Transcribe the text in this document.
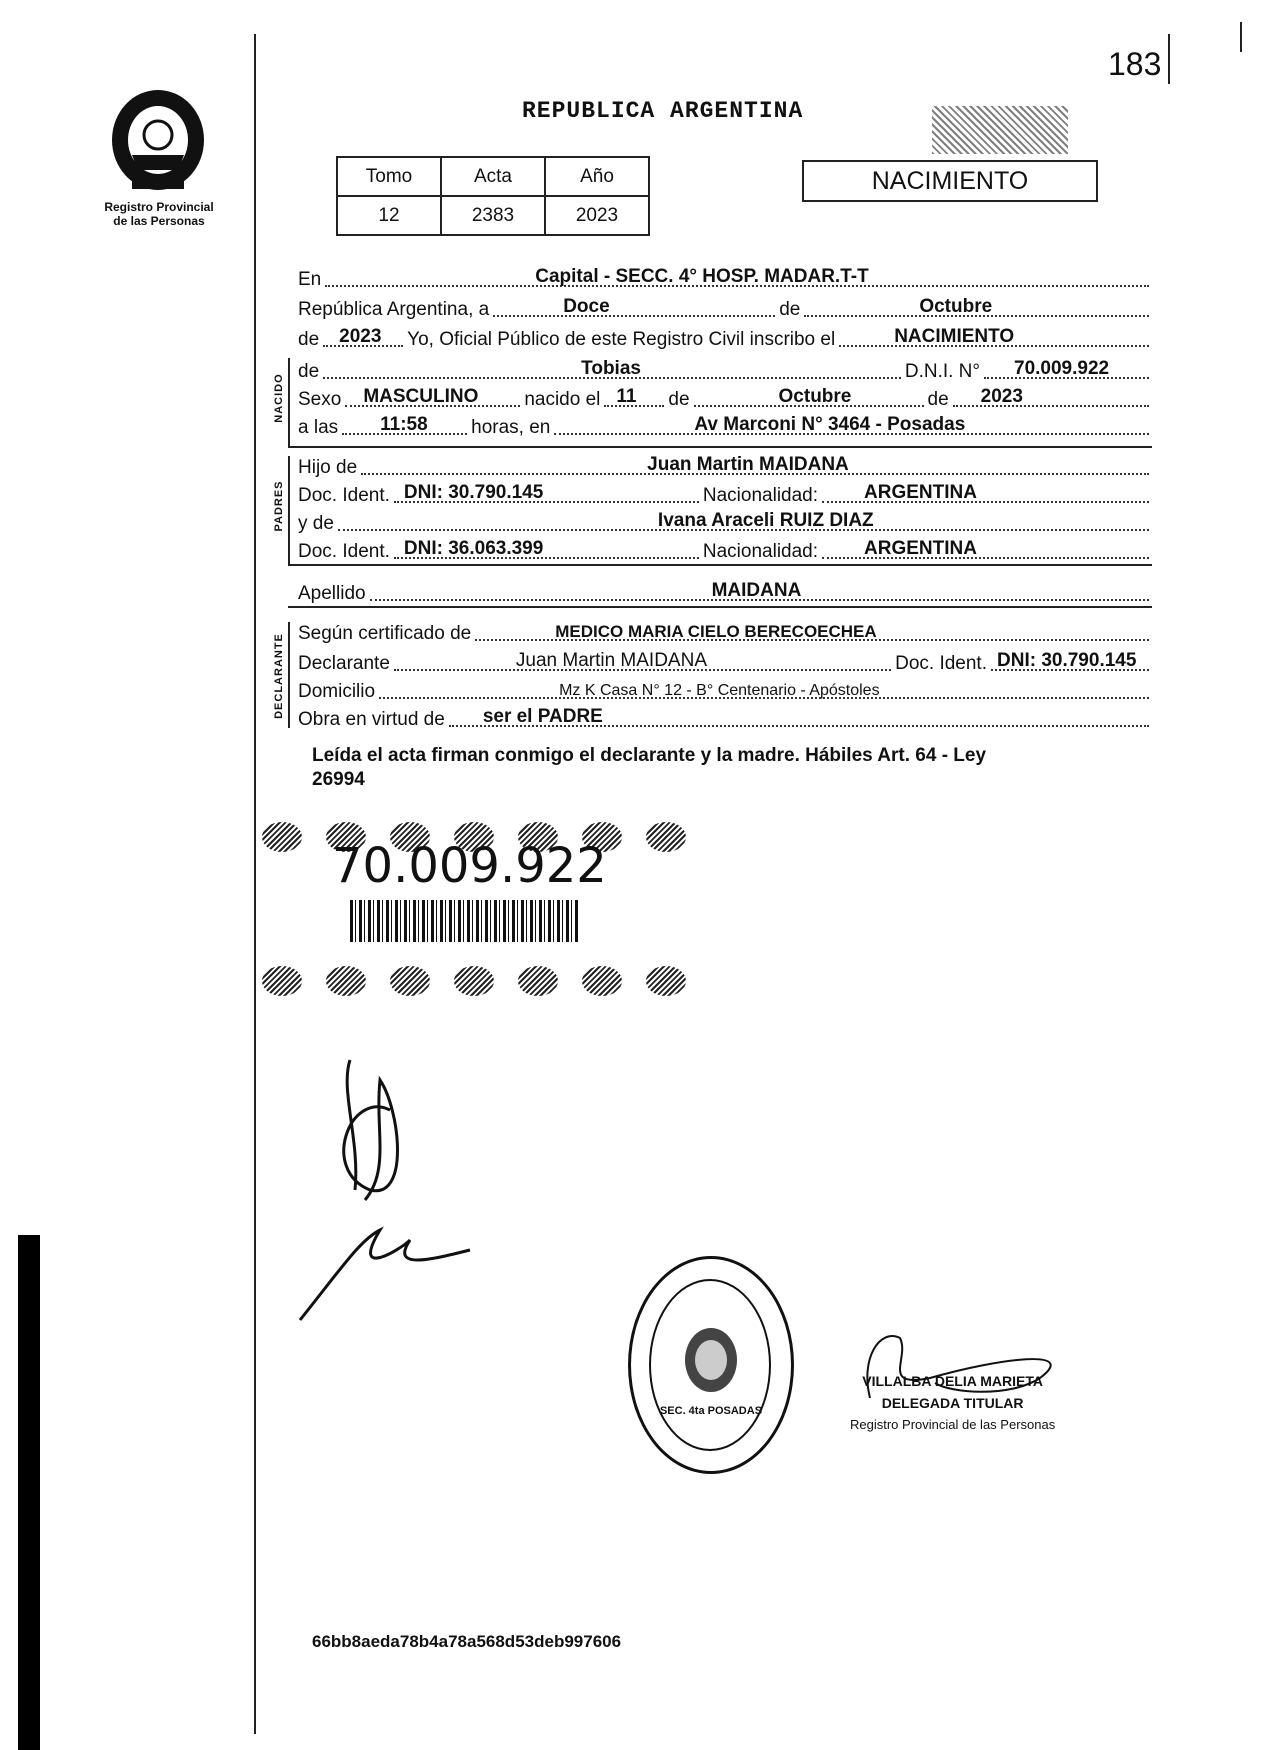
183
Registro Provincial
de las Personas
REPUBLICA ARGENTINA
NACIMIENTO
Tomo	Acta	Año
12	2383	2023
En	Capital - SECC. 4° HOSP. MADAR.T-T
República Argentina, a	Doce	de	Octubre
de 2023 Yo, Oficial Público de este Registro Civil inscribo el	NACIMIENTO
NACIDO
de	Tobias	D.N.I. N° 70.009.922
Sexo MASCULINO nacido el 11 de	Octubre	de 2023
a las 11:58 horas, en	Av Marconi N° 3464 - Posadas
PADRES
Hijo de	Juan Martin MAIDANA
Doc. Ident. DNI: 30.790.145	Nacionalidad: ARGENTINA
y de	Ivana Araceli RUIZ DIAZ
Doc. Ident. DNI: 36.063.399	Nacionalidad: ARGENTINA
Apellido	MAIDANA
DECLARANTE Según certificado de	MEDICO MARIA CIELO BERECOECHEA
Declarante	Juan Martin MAIDANA	Doc. Ident. DNI: 30.790.145
Domicilio	Mz K Casa N° 12 - B° Centenario - Apóstoles
Obra en virtud de ser el PADRE
Leída el acta firman conmigo el declarante y la madre. Hábiles Art. 64 - Ley
26994
70.009.922
SEC. 4ta POSADAS
VILLALBA DELIA MARIETA
DELEGADA TITULAR
Registro Provincial de las Personas
66bb8aeda78b4a78a568d53deb997606
